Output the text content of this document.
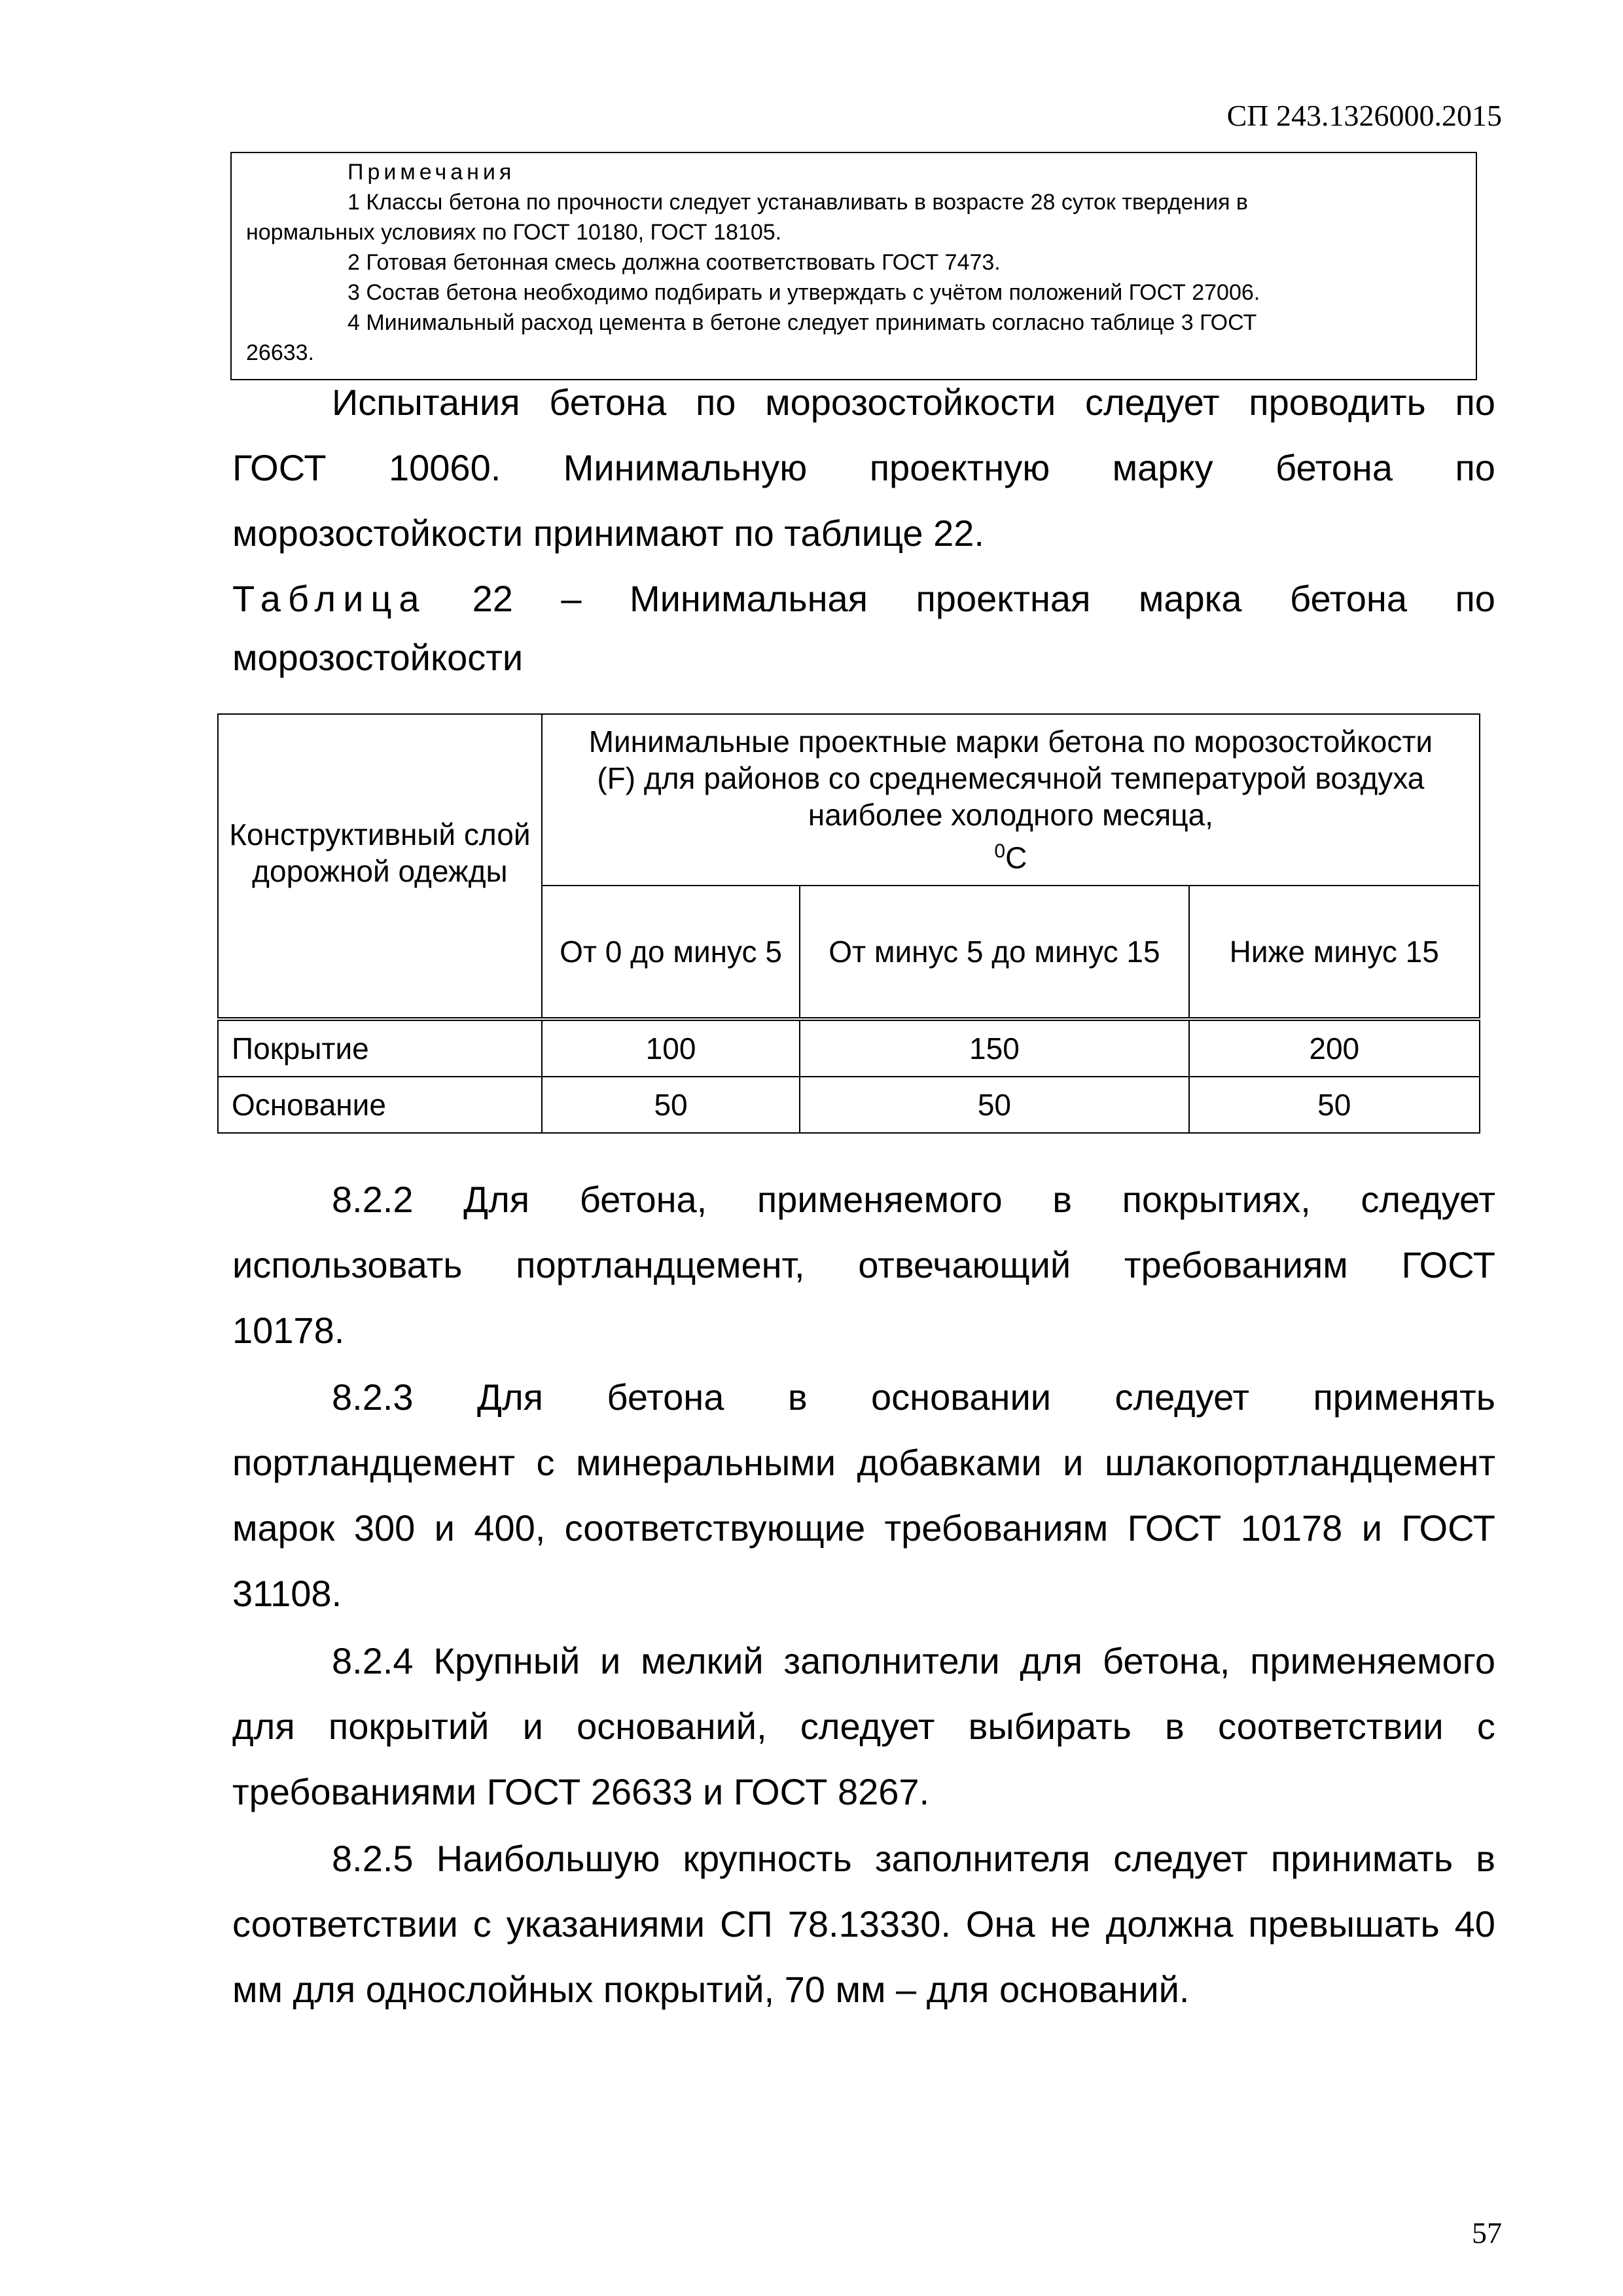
СП 243.1326000.2015
Примечания
1 Классы бетона по прочности следует устанавливать в возрасте 28 суток твердения в
нормальных условиях по ГОСТ 10180, ГОСТ 18105.
2 Готовая бетонная смесь должна соответствовать ГОСТ 7473.
3 Состав бетона необходимо подбирать и утверждать с учётом положений ГОСТ 27006.
4 Минимальный расход цемента в бетоне следует принимать согласно таблице 3 ГОСТ
26633.
Испытания бетона по морозостойкости следует проводить по
ГОСТ 10060. Минимальную проектную марку бетона по
морозостойкости принимают по таблице 22.
Таблица 22 – Минимальная проектная марка бетона по
морозостойкости
Конструктивный слой дорожной одежды	Минимальные проектные марки бетона по морозостойкости
(F) для районов со среднемесячной температурой воздуха
наиболее холодного месяца,
$^0$С		

	От 0 до минус 5	От минус 5 до минус 15	Ниже минус 15
Покрытие	100	150	200
Основание	50	50	50
8.2.2 Для бетона, применяемого в покрытиях, следует
использовать портландцемент, отвечающий требованиям ГОСТ
10178.
8.2.3 Для бетона в основании следует применять
портландцемент с минеральными добавками и шлакопортландцемент
марок 300 и 400, соответствующие требованиям ГОСТ 10178 и ГОСТ
31108.
8.2.4 Крупный и мелкий заполнители для бетона, применяемого
для покрытий и оснований, следует выбирать в соответствии с
требованиями ГОСТ 26633 и ГОСТ 8267.
8.2.5 Наибольшую крупность заполнителя следует принимать в
соответствии с указаниями СП 78.13330. Она не должна превышать 40
мм для однослойных покрытий, 70 мм – для оснований.
57
